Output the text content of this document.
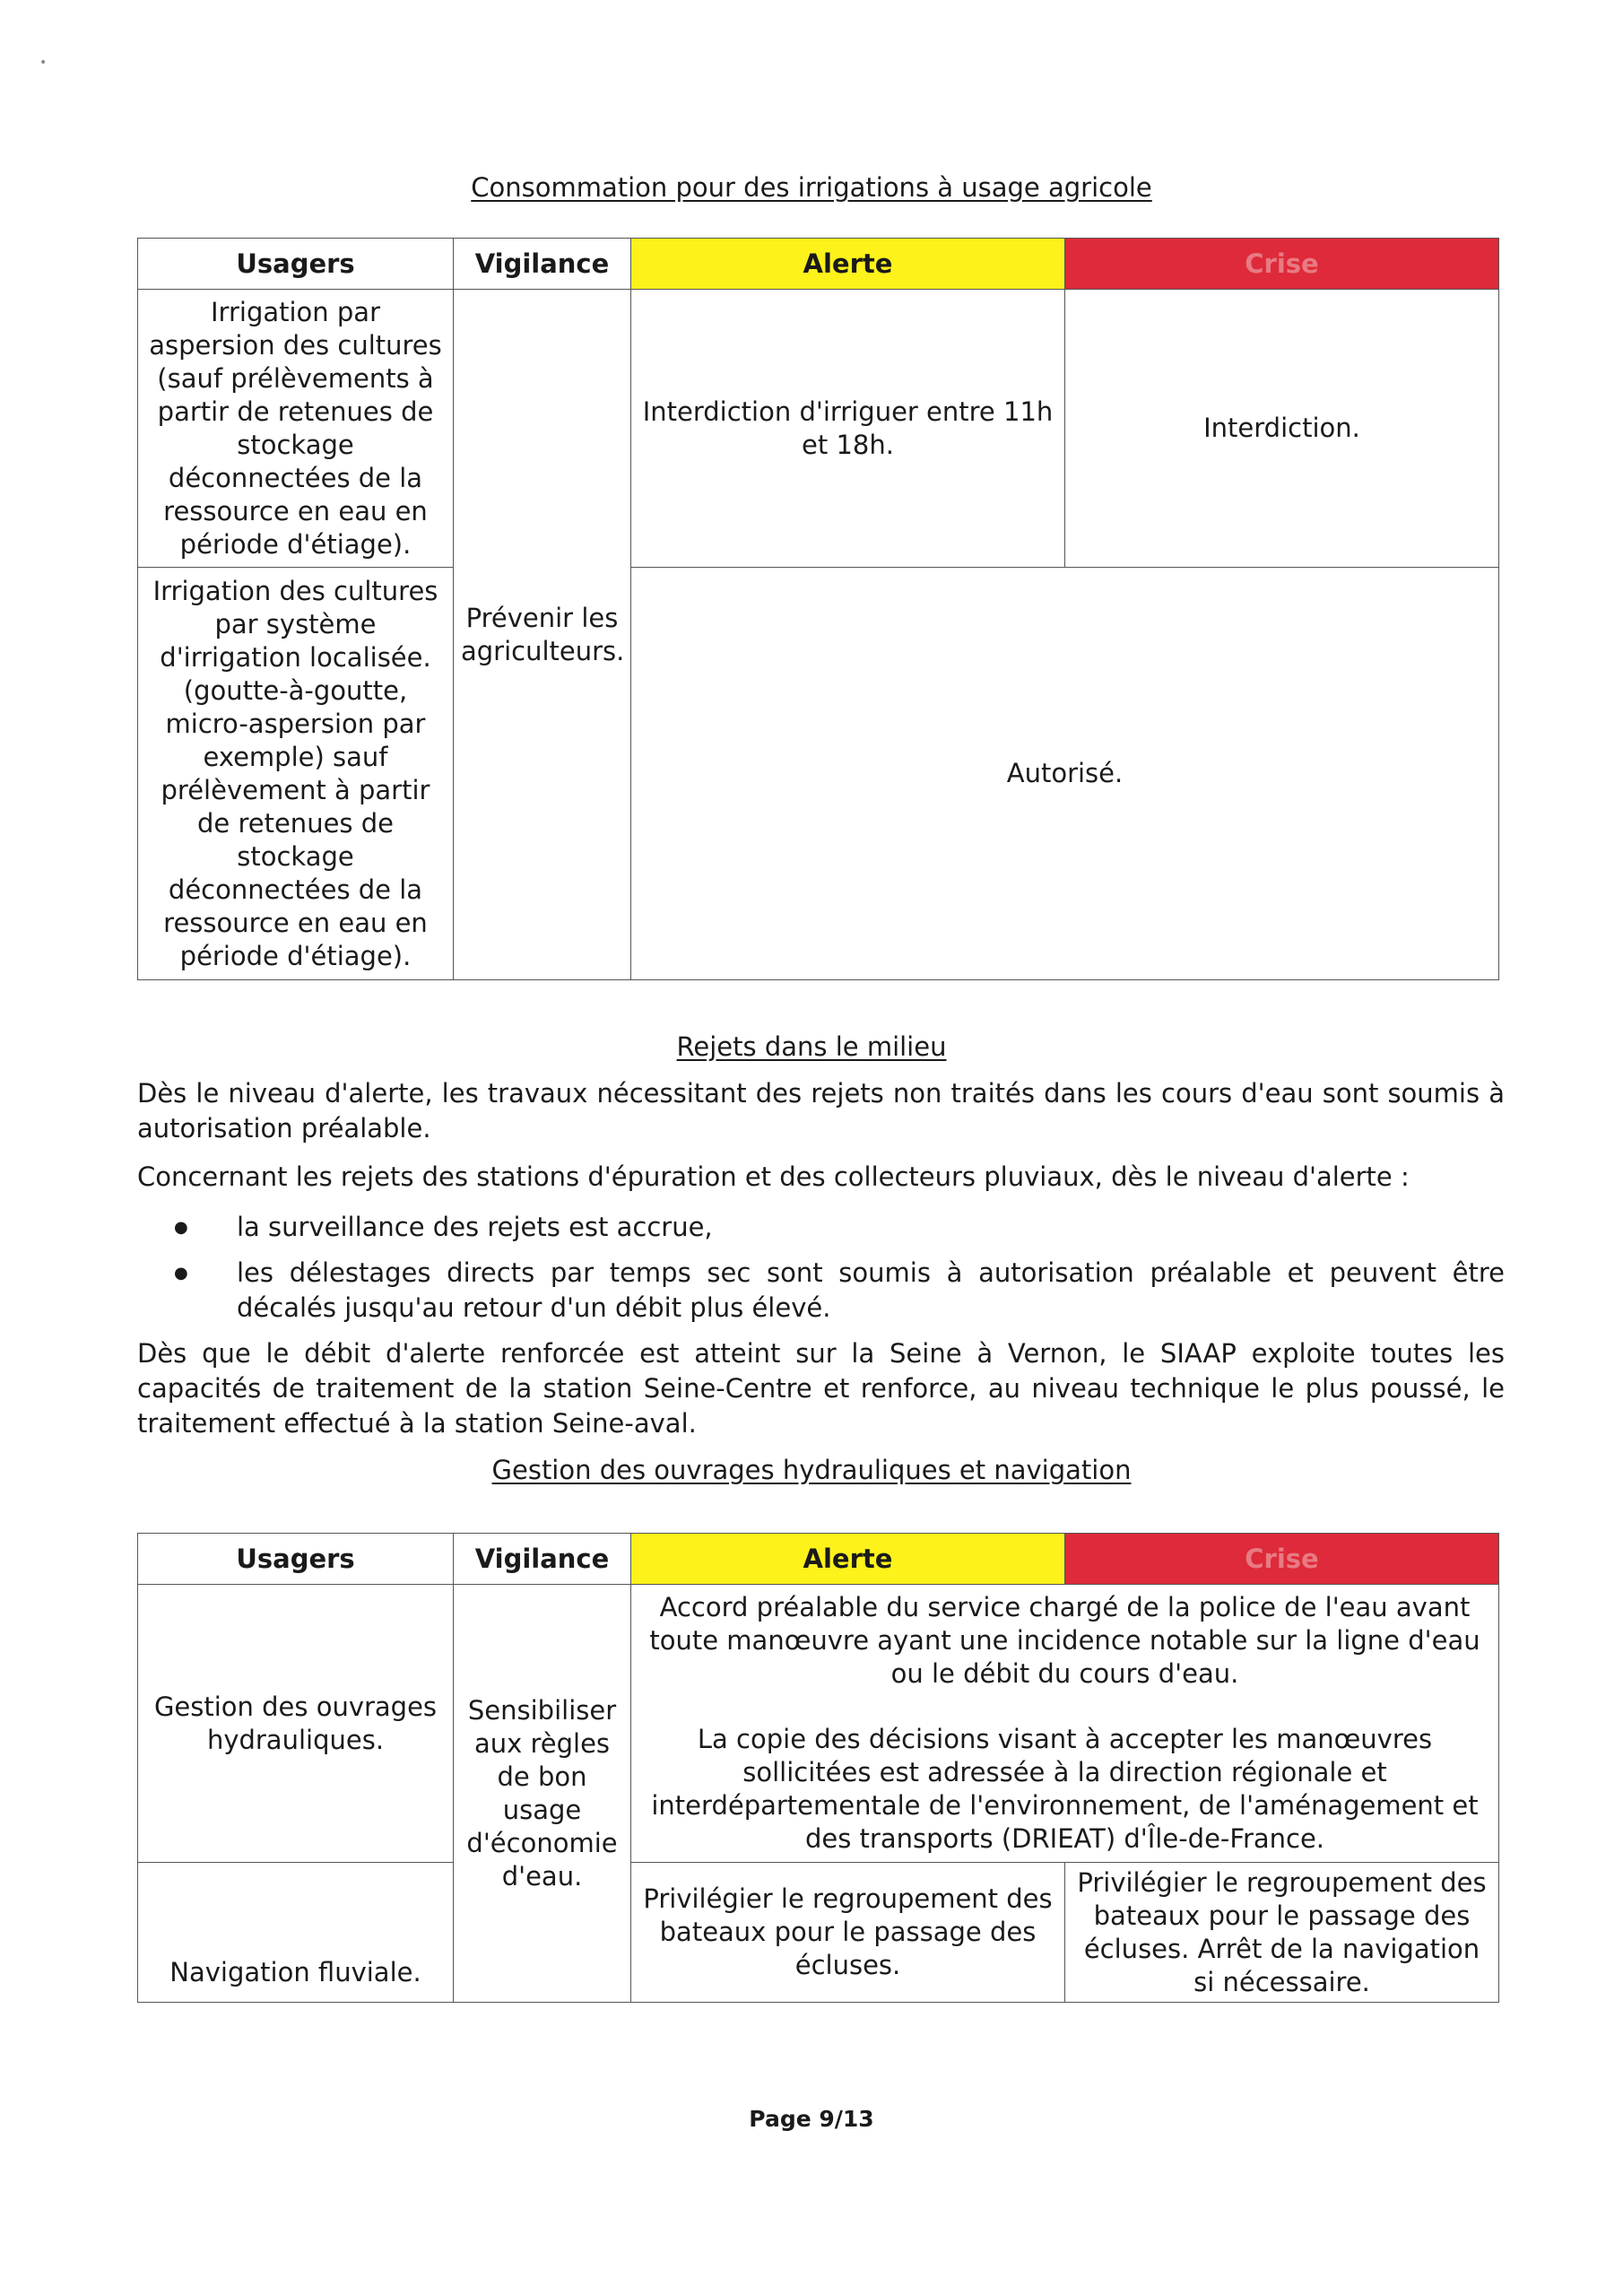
•
Consommation pour des irrigations à usage agricole
Usagers	Vigilance	Alerte	Crise
Irrigation par aspersion des cultures (sauf prélèvements à partir de retenues de stockage déconnectées de la ressource en eau en période d'étiage).	Prévenir les agriculteurs.	Interdiction d'irriguer entre 11h et 18h.	Interdiction.
Irrigation des cultures par système d'irrigation localisée. (goutte-à-goutte, micro-aspersion par exemple) sauf prélèvement à partir de retenues de stockage déconnectées de la ressource en eau en période d'étiage).		Autorisé.	
Rejets dans le milieu
Dès le niveau d'alerte, les travaux nécessitant des rejets non traités dans les cours d'eau sont soumis à autorisation préalable.
Concernant les rejets des stations d'épuration et des collecteurs pluviaux, dès le niveau d'alerte :
●	la surveillance des rejets est accrue,
●	les délestages directs par temps sec sont soumis à autorisation préalable et peuvent être décalés jusqu'au retour d'un débit plus élevé.
Dès que le débit d'alerte renforcée est atteint sur la Seine à Vernon, le SIAAP exploite toutes les capacités de traitement de la station Seine-Centre et renforce, au niveau technique le plus poussé, le traitement effectué à la station Seine-aval.
Gestion des ouvrages hydrauliques et navigation
Usagers	Vigilance	Alerte	Crise
Gestion des ouvrages hydrauliques.	Sensibiliser aux règles de bon usage d'économie d'eau.	Accord préalable du service chargé de la police de l'eau avant toute manœuvre ayant une incidence notable sur la ligne d'eau ou le débit du cours d'eau.
La copie des décisions visant à accepter les manœuvres sollicitées est adressée à la direction régionale et interdépartementale de l'environnement, de l'aménagement et des transports (DRIEAT) d'Île-de-France.	

Navigation fluviale.		Privilégier le regroupement des bateaux pour le passage des écluses.	Privilégier le regroupement des bateaux pour le passage des écluses. Arrêt de la navigation si nécessaire.
Page 9/13
